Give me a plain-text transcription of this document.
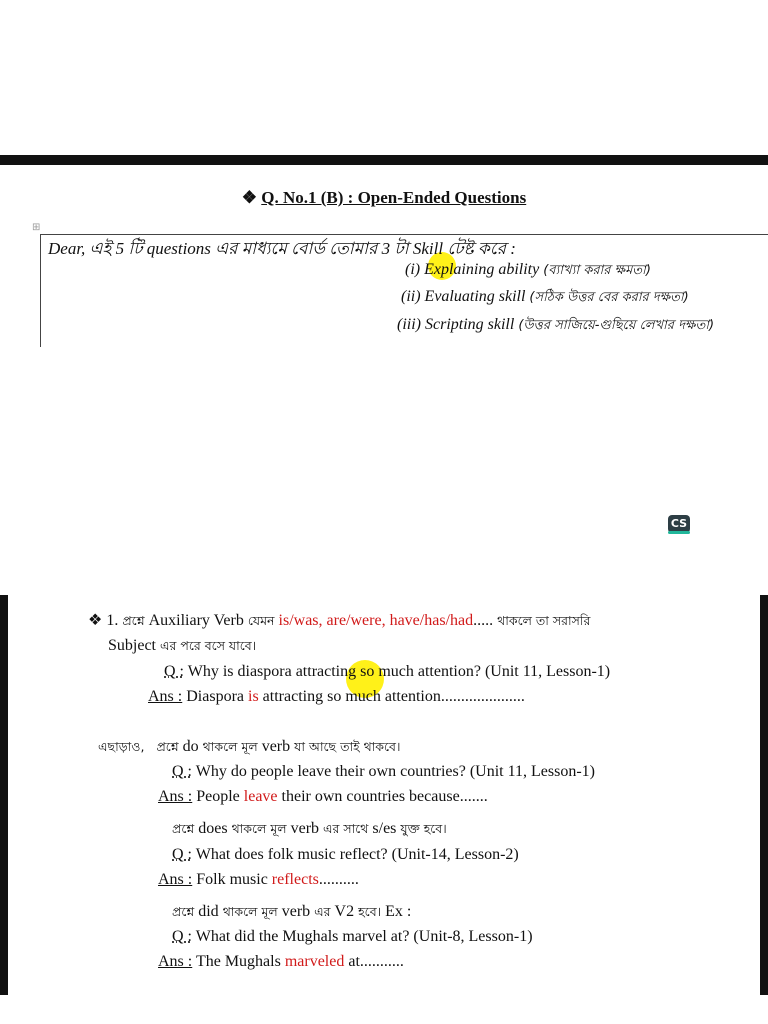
❖ Q. No.1 (B) : Open-Ended Questions
⊞
Dear, এই 5 টি questions এর মাধ্যমে বোর্ড তোমার 3 টা Skill টেষ্ট করে :
(i) Explaining ability (ব্যাখ্যা করার ক্ষমতা)
(ii) Evaluating skill (সঠিক উত্তর বের করার দক্ষতা)
(iii) Scripting skill (উত্তর সাজিয়ে-গুছিয়ে লেখার দক্ষতা)
CS
❖ 1. প্রশ্নে Auxiliary Verb যেমন is/was, are/were, have/has/had..... থাকলে তা সরাসরি
Subject এর পরে বসে যাবে।
Q : Why is diaspora attracting so much attention? (Unit 11, Lesson-1)
Ans : Diaspora is attracting so much attention.....................
এছাড়াও, প্রশ্নে do থাকলে মূল verb যা আছে তাই থাকবে।
Q : Why do people leave their own countries? (Unit 11, Lesson-1)
Ans : People leave their own countries because.......
প্রশ্নে does থাকলে মূল verb এর সাথে s/es যুক্ত হবে।
Q : What does folk music reflect? (Unit-14, Lesson-2)
Ans : Folk music reflects..........
প্রশ্নে did থাকলে মূল verb এর V2 হবে। Ex :
Q : What did the Mughals marvel at? (Unit-8, Lesson-1)
Ans : The Mughals marveled at...........
